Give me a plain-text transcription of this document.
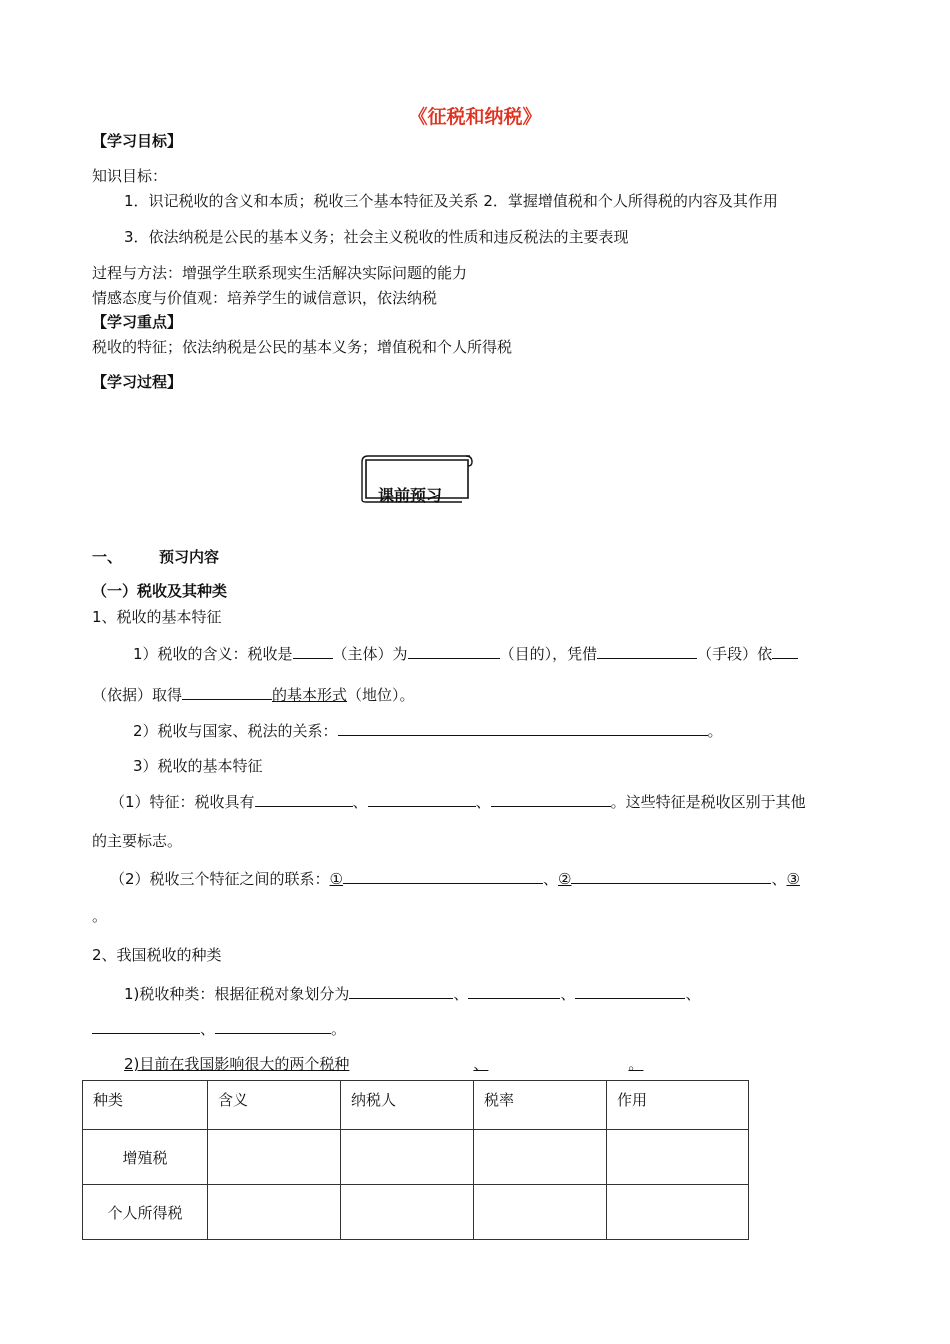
《征税和纳税》
【学习目标】
知识目标：
1．识记税收的含义和本质；税收三个基本特征及关系 2．掌握增值税和个人所得税的内容及其作用
3．依法纳税是公民的基本义务；社会主义税收的性质和违反税法的主要表现
过程与方法：增强学生联系现实生活解决实际问题的能力
情感态度与价值观：培养学生的诚信意识，依法纳税
【学习重点】
税收的特征；依法纳税是公民的基本义务；增值税和个人所得税
【学习过程】
课前预习
一、 预习内容
（一）税收及其种类
1、税收的基本特征
1）税收的含义：税收是	（主体）为	（目的），凭借	（手段）依
（依据）取得	的基本形式（地位）。
2）税收与国家、税法的关系：	。
3）税收的基本特征
（1）特征：税收具有	、	、	。这些特征是税收区别于其他
的主要标志。
（2）税收三个特征之间的联系：①	、②	、③
。
2、我国税收的种类
1)税收种类：根据征税对象划分为	、	、	、
、	。
2)目前在我国影响很大的两个税种	、	。
种类	含义	纳税人	税率	作用
增殖税				
个人所得税				
